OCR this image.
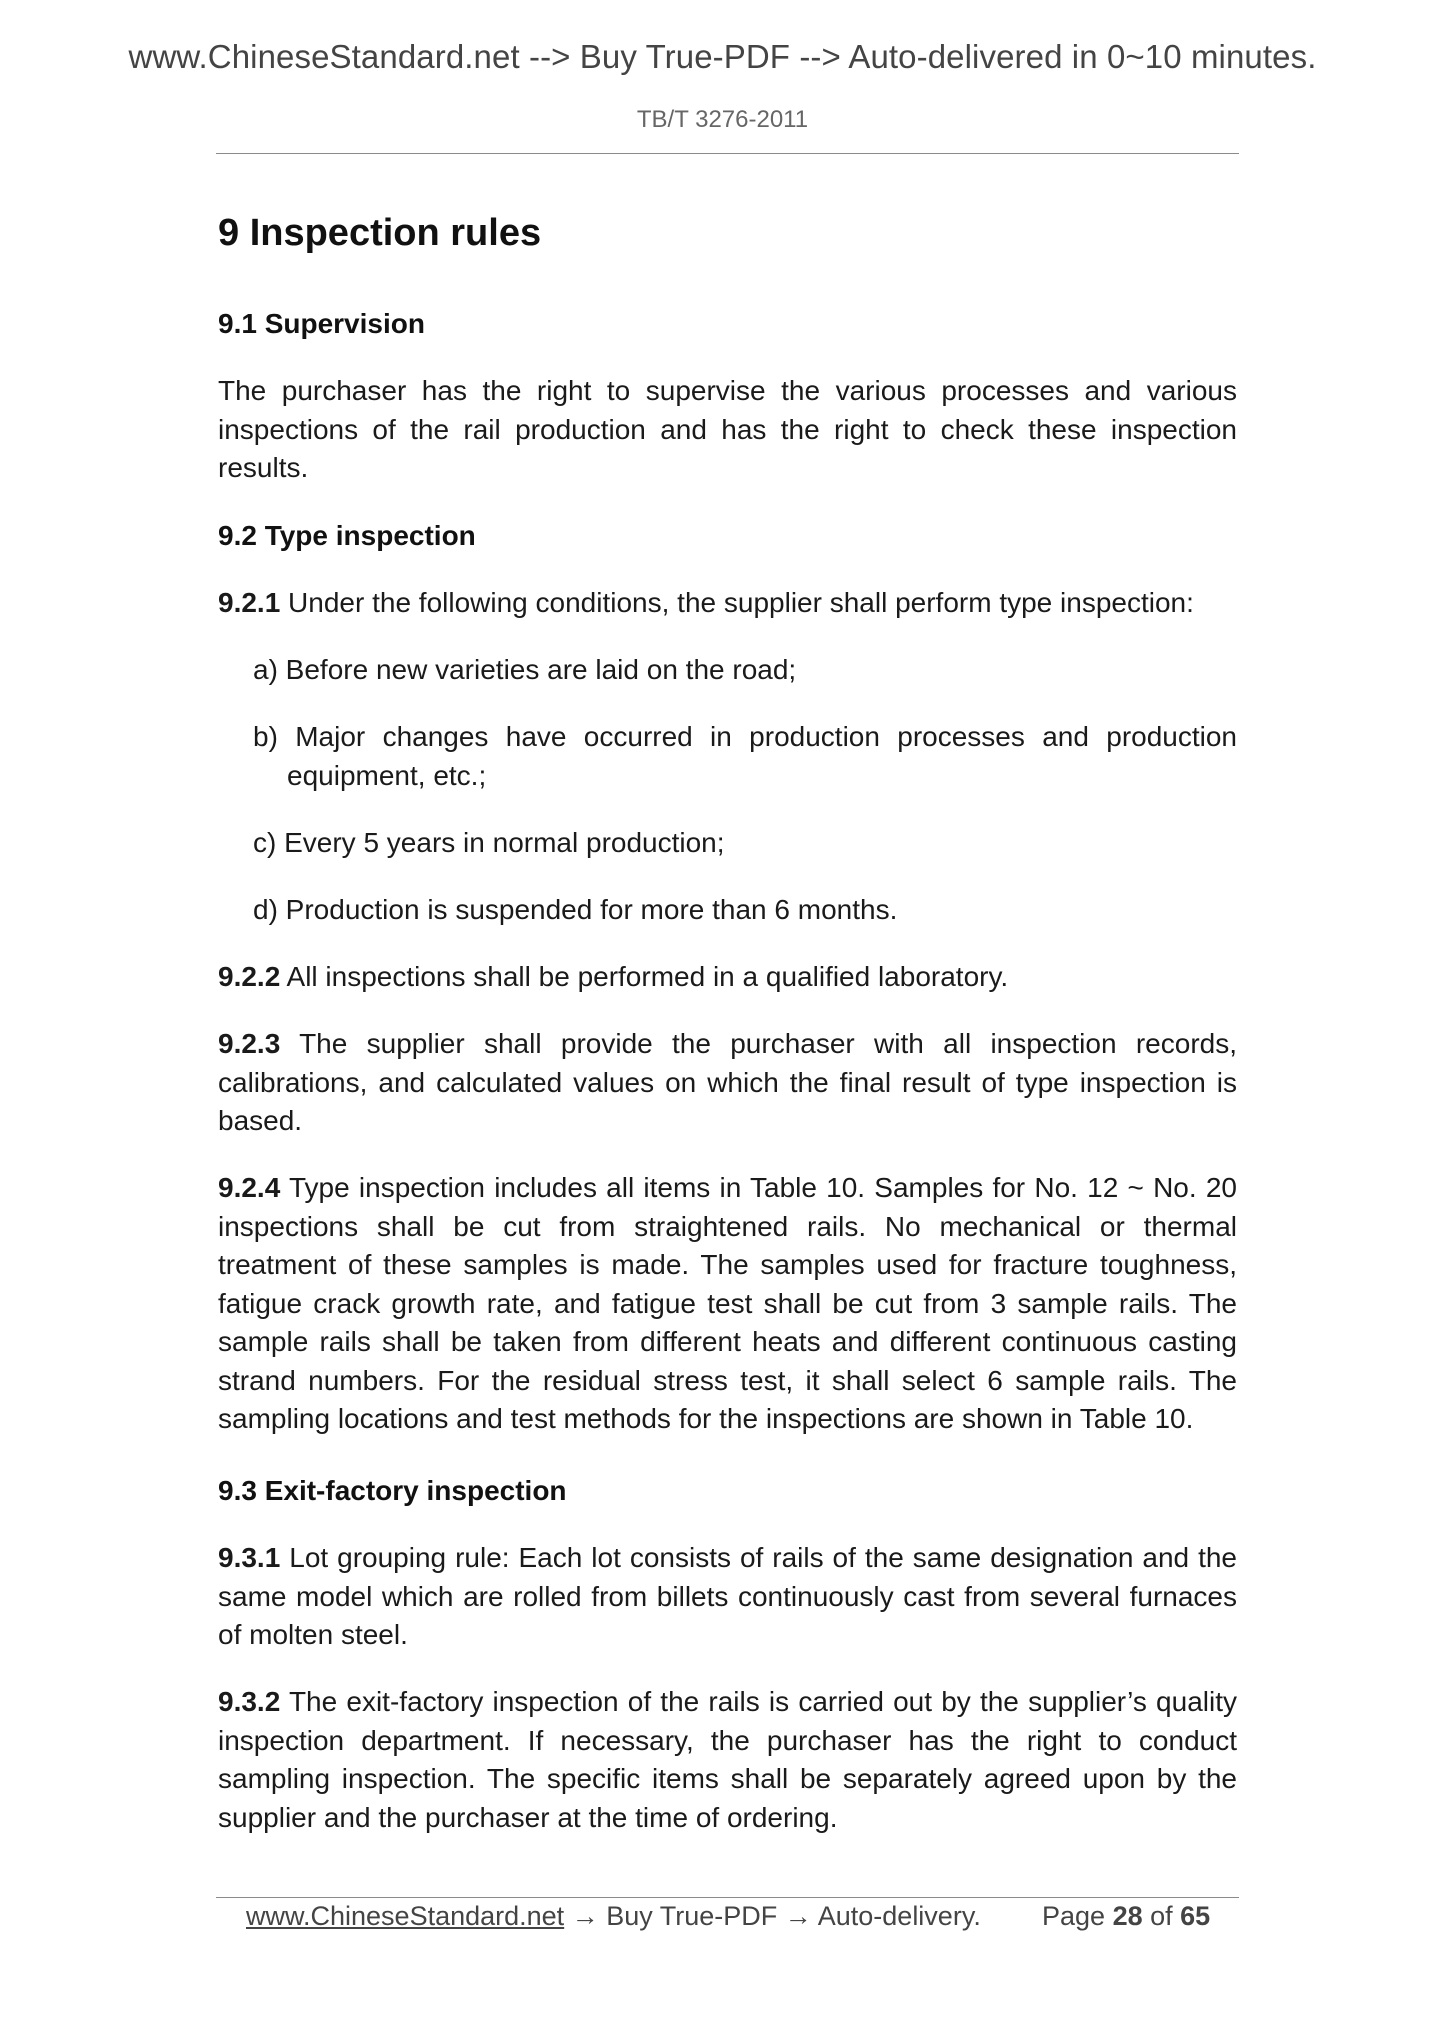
www.ChineseStandard.net --> Buy True-PDF --> Auto-delivered in 0~10 minutes.
TB/T 3276-2011
9 Inspection rules
9.1 Supervision
The purchaser has the right to supervise the various processes and various inspections of the rail production and has the right to check these inspection results.
9.2 Type inspection
9.2.1 Under the following conditions, the supplier shall perform type inspection:
a) Before new varieties are laid on the road;
b) Major changes have occurred in production processes and production equipment, etc.;
c) Every 5 years in normal production;
d) Production is suspended for more than 6 months.
9.2.2 All inspections shall be performed in a qualified laboratory.
9.2.3 The supplier shall provide the purchaser with all inspection records, calibrations, and calculated values on which the final result of type inspection is based.
9.2.4 Type inspection includes all items in Table 10. Samples for No. 12 ~ No. 20 inspections shall be cut from straightened rails. No mechanical or thermal treatment of these samples is made. The samples used for fracture toughness, fatigue crack growth rate, and fatigue test shall be cut from 3 sample rails. The sample rails shall be taken from different heats and different continuous casting strand numbers. For the residual stress test, it shall select 6 sample rails. The sampling locations and test methods for the inspections are shown in Table 10.
9.3 Exit-factory inspection
9.3.1 Lot grouping rule: Each lot consists of rails of the same designation and the same model which are rolled from billets continuously cast from several furnaces of molten steel.
9.3.2 The exit-factory inspection of the rails is carried out by the supplier’s quality inspection department. If necessary, the purchaser has the right to conduct sampling inspection. The specific items shall be separately agreed upon by the supplier and the purchaser at the time of ordering.
www.ChineseStandard.net → Buy True-PDF → Auto-delivery. Page 28 of 65
